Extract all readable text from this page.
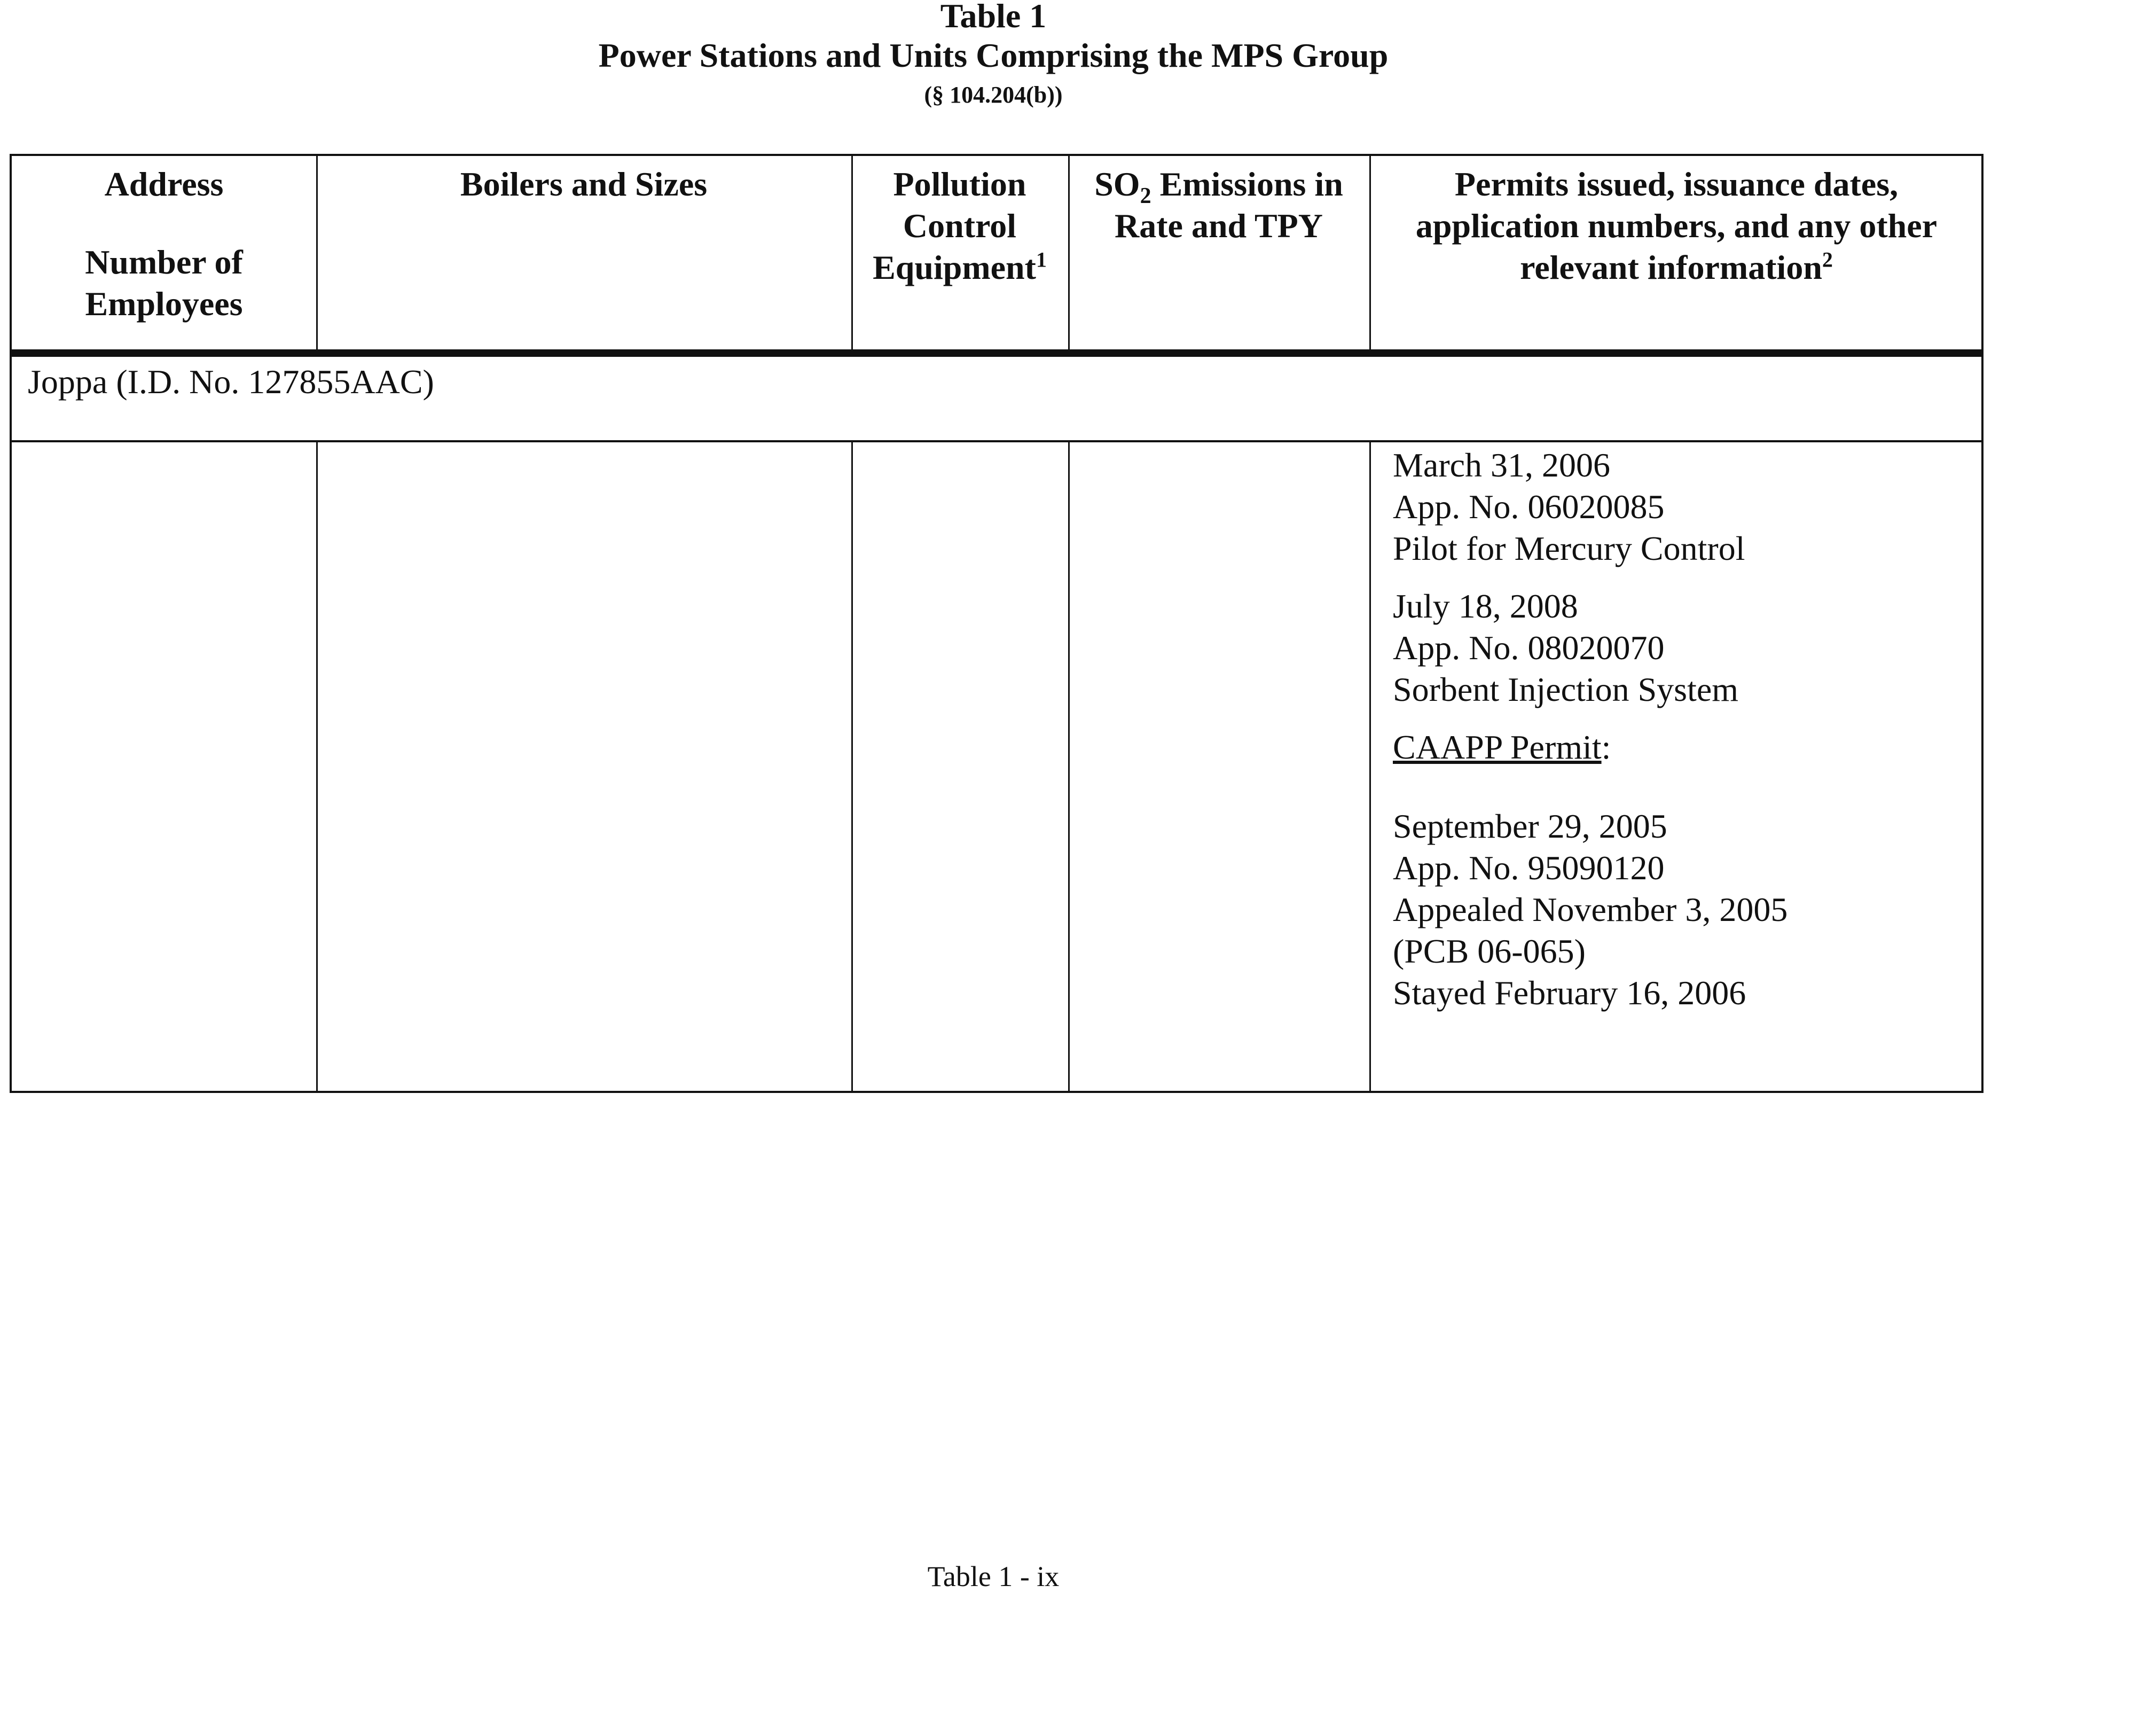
Table 1
Power Stations and Units Comprising the MPS Group
(§ 104.204(b))
Address
Number of
Employees
Boilers and Sizes	Pollution
Control
Equipment$^1$
$SO_2$ Emissions in
Rate and TPY
Permits issued, issuance dates,
application numbers, and any other
relevant information$^2$
Joppa (I.D. No. 127855AAC)
March 31, 2006
App. No. 06020085
Pilot for Mercury Control
July 18, 2008
App. No. 08020070
Sorbent Injection System
CAAPP Permit:
September 29, 2005
App. No. 95090120
Appealed November 3, 2005
(PCB 06-065)
Stayed February 16, 2006
Table 1 - ix
